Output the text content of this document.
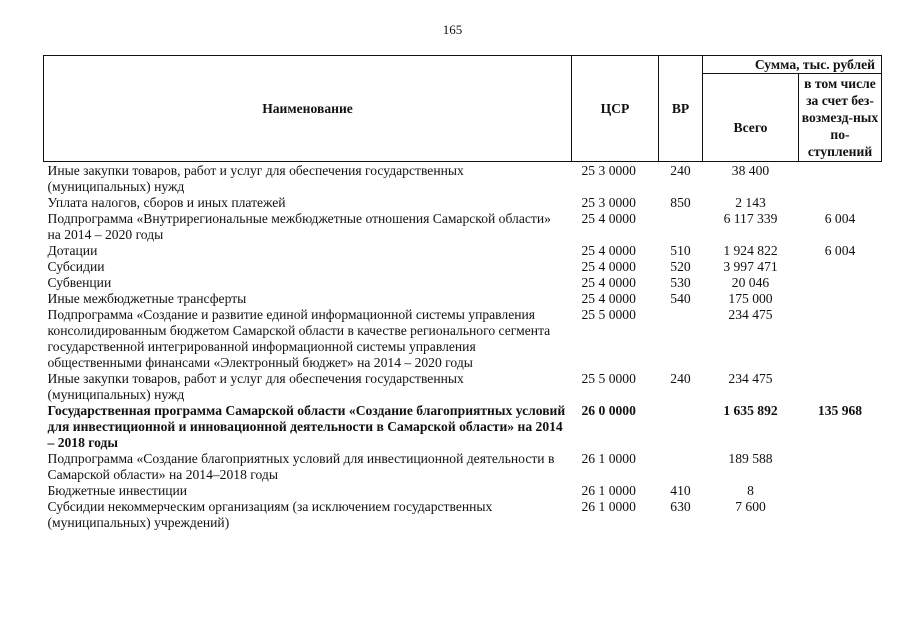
165
Наименование	ЦСР	ВР	Сумма, тыс. рублей	
			Всего	в том числе за счет без-возмезд-ных по-ступлений
Иные закупки товаров, работ и услуг для обеспечения государственных (муниципальных) нужд	25 3 0000	240	38 400	
Уплата налогов, сборов и иных платежей	25 3 0000	850	2 143	
Подпрограмма «Внутрирегиональные межбюджетные отношения Самарской области» на 2014 – 2020 годы	25 4 0000		6 117 339	6 004
Дотации	25 4 0000	510	1 924 822	6 004
Субсидии	25 4 0000	520	3 997 471	
Субвенции	25 4 0000	530	20 046	
Иные межбюджетные трансферты	25 4 0000	540	175 000	
Подпрограмма «Создание и развитие единой информационной системы управления консолидированным бюджетом Самарской области в качестве регионального сегмента государственной интегрированной информационной системы управления общественными финансами «Электронный бюджет» на 2014 – 2020 годы	25 5 0000		234 475	
Иные закупки товаров, работ и услуг для обеспечения государственных (муниципальных) нужд	25 5 0000	240	234 475	
Государственная программа Самарской области «Создание благоприятных условий для инвестиционной и инновационной деятельности в Самарской области» на 2014 – 2018 годы	26 0 0000		1 635 892	135 968
Подпрограмма «Создание благоприятных условий для инвестиционной деятельности в Самарской области» на 2014–2018 годы	26 1 0000		189 588	
Бюджетные инвестиции	26 1 0000	410	8	
Субсидии некоммерческим организациям (за исключением государственных (муниципальных) учреждений)	26 1 0000	630	7 600	
